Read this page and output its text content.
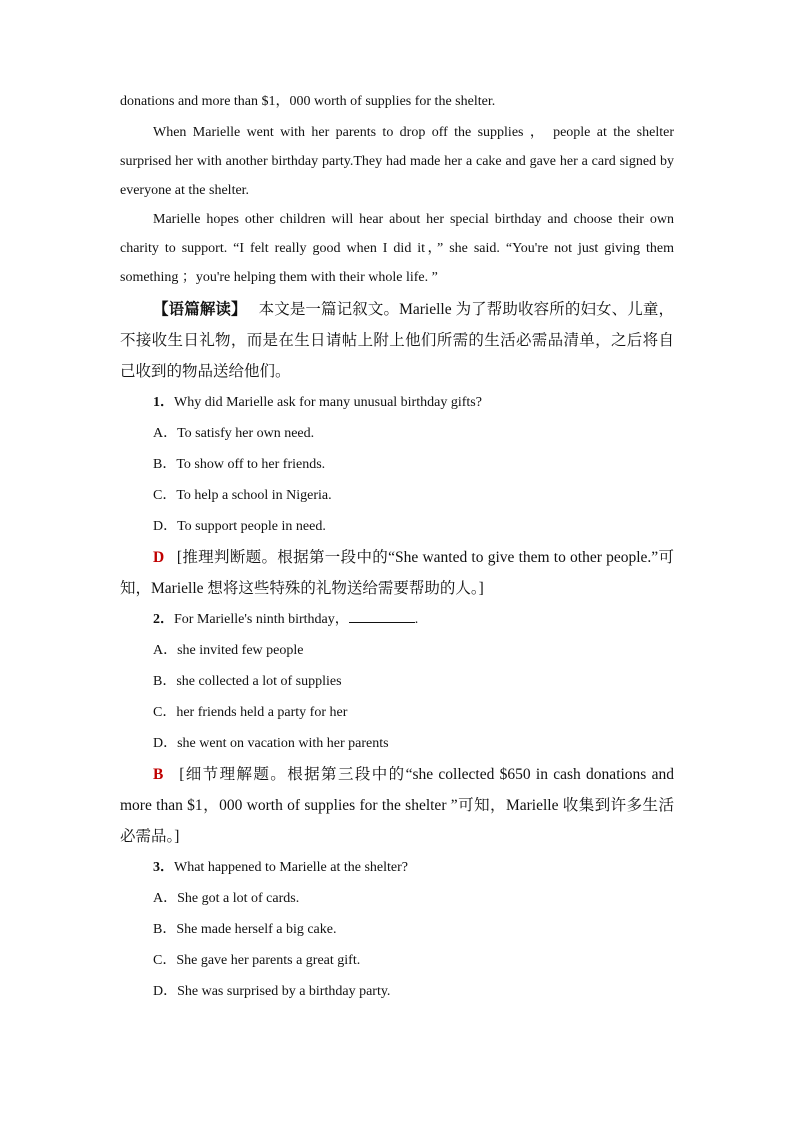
donations and more than $1，000 worth of supplies for the shelter.

When Marielle went with her parents to drop off the supplies ， people at the shelter surprised her with another birthday party.They had made her a cake and gave her a card signed by everyone at the shelter.

Marielle hopes other children will hear about her special birthday and choose their own charity to support. “I felt really good when I did it，” she said. “You're not just giving them something ；you're helping them with their whole life. ”

【语篇解读】 本文是一篇记叙文。Marielle 为了帮助收容所的妇女、儿童，不接收生日礼物，而是在生日请帖上附上他们所需的生活必需品清单，之后将自己收到的物品送给他们。

1．Why did Marielle ask for many unusual birthday gifts?

A．To satisfy her own need.

B．To show off to her friends.

C．To help a school in Nigeria.

D．To support people in need.

D [推理判断题。根据第一段中的“She wanted to give them to other people.”可知，Marielle 想将这些特殊的礼物送给需要帮助的人。]

2．For Marielle's ninth birthday，	.

A．she invited few people

B．she collected a lot of supplies

C．her friends held a party for her

D．she went on vacation with her parents

B [细节理解题。根据第三段中的“she collected $650 in cash donations and more than $1，000 worth of supplies for the shelter ”可知，Marielle 收集到许多生活必需品。]

3．What happened to Marielle at the shelter?

A．She got a lot of cards.

B．She made herself a big cake.

C．She gave her parents a great gift.

D．She was surprised by a birthday party.
